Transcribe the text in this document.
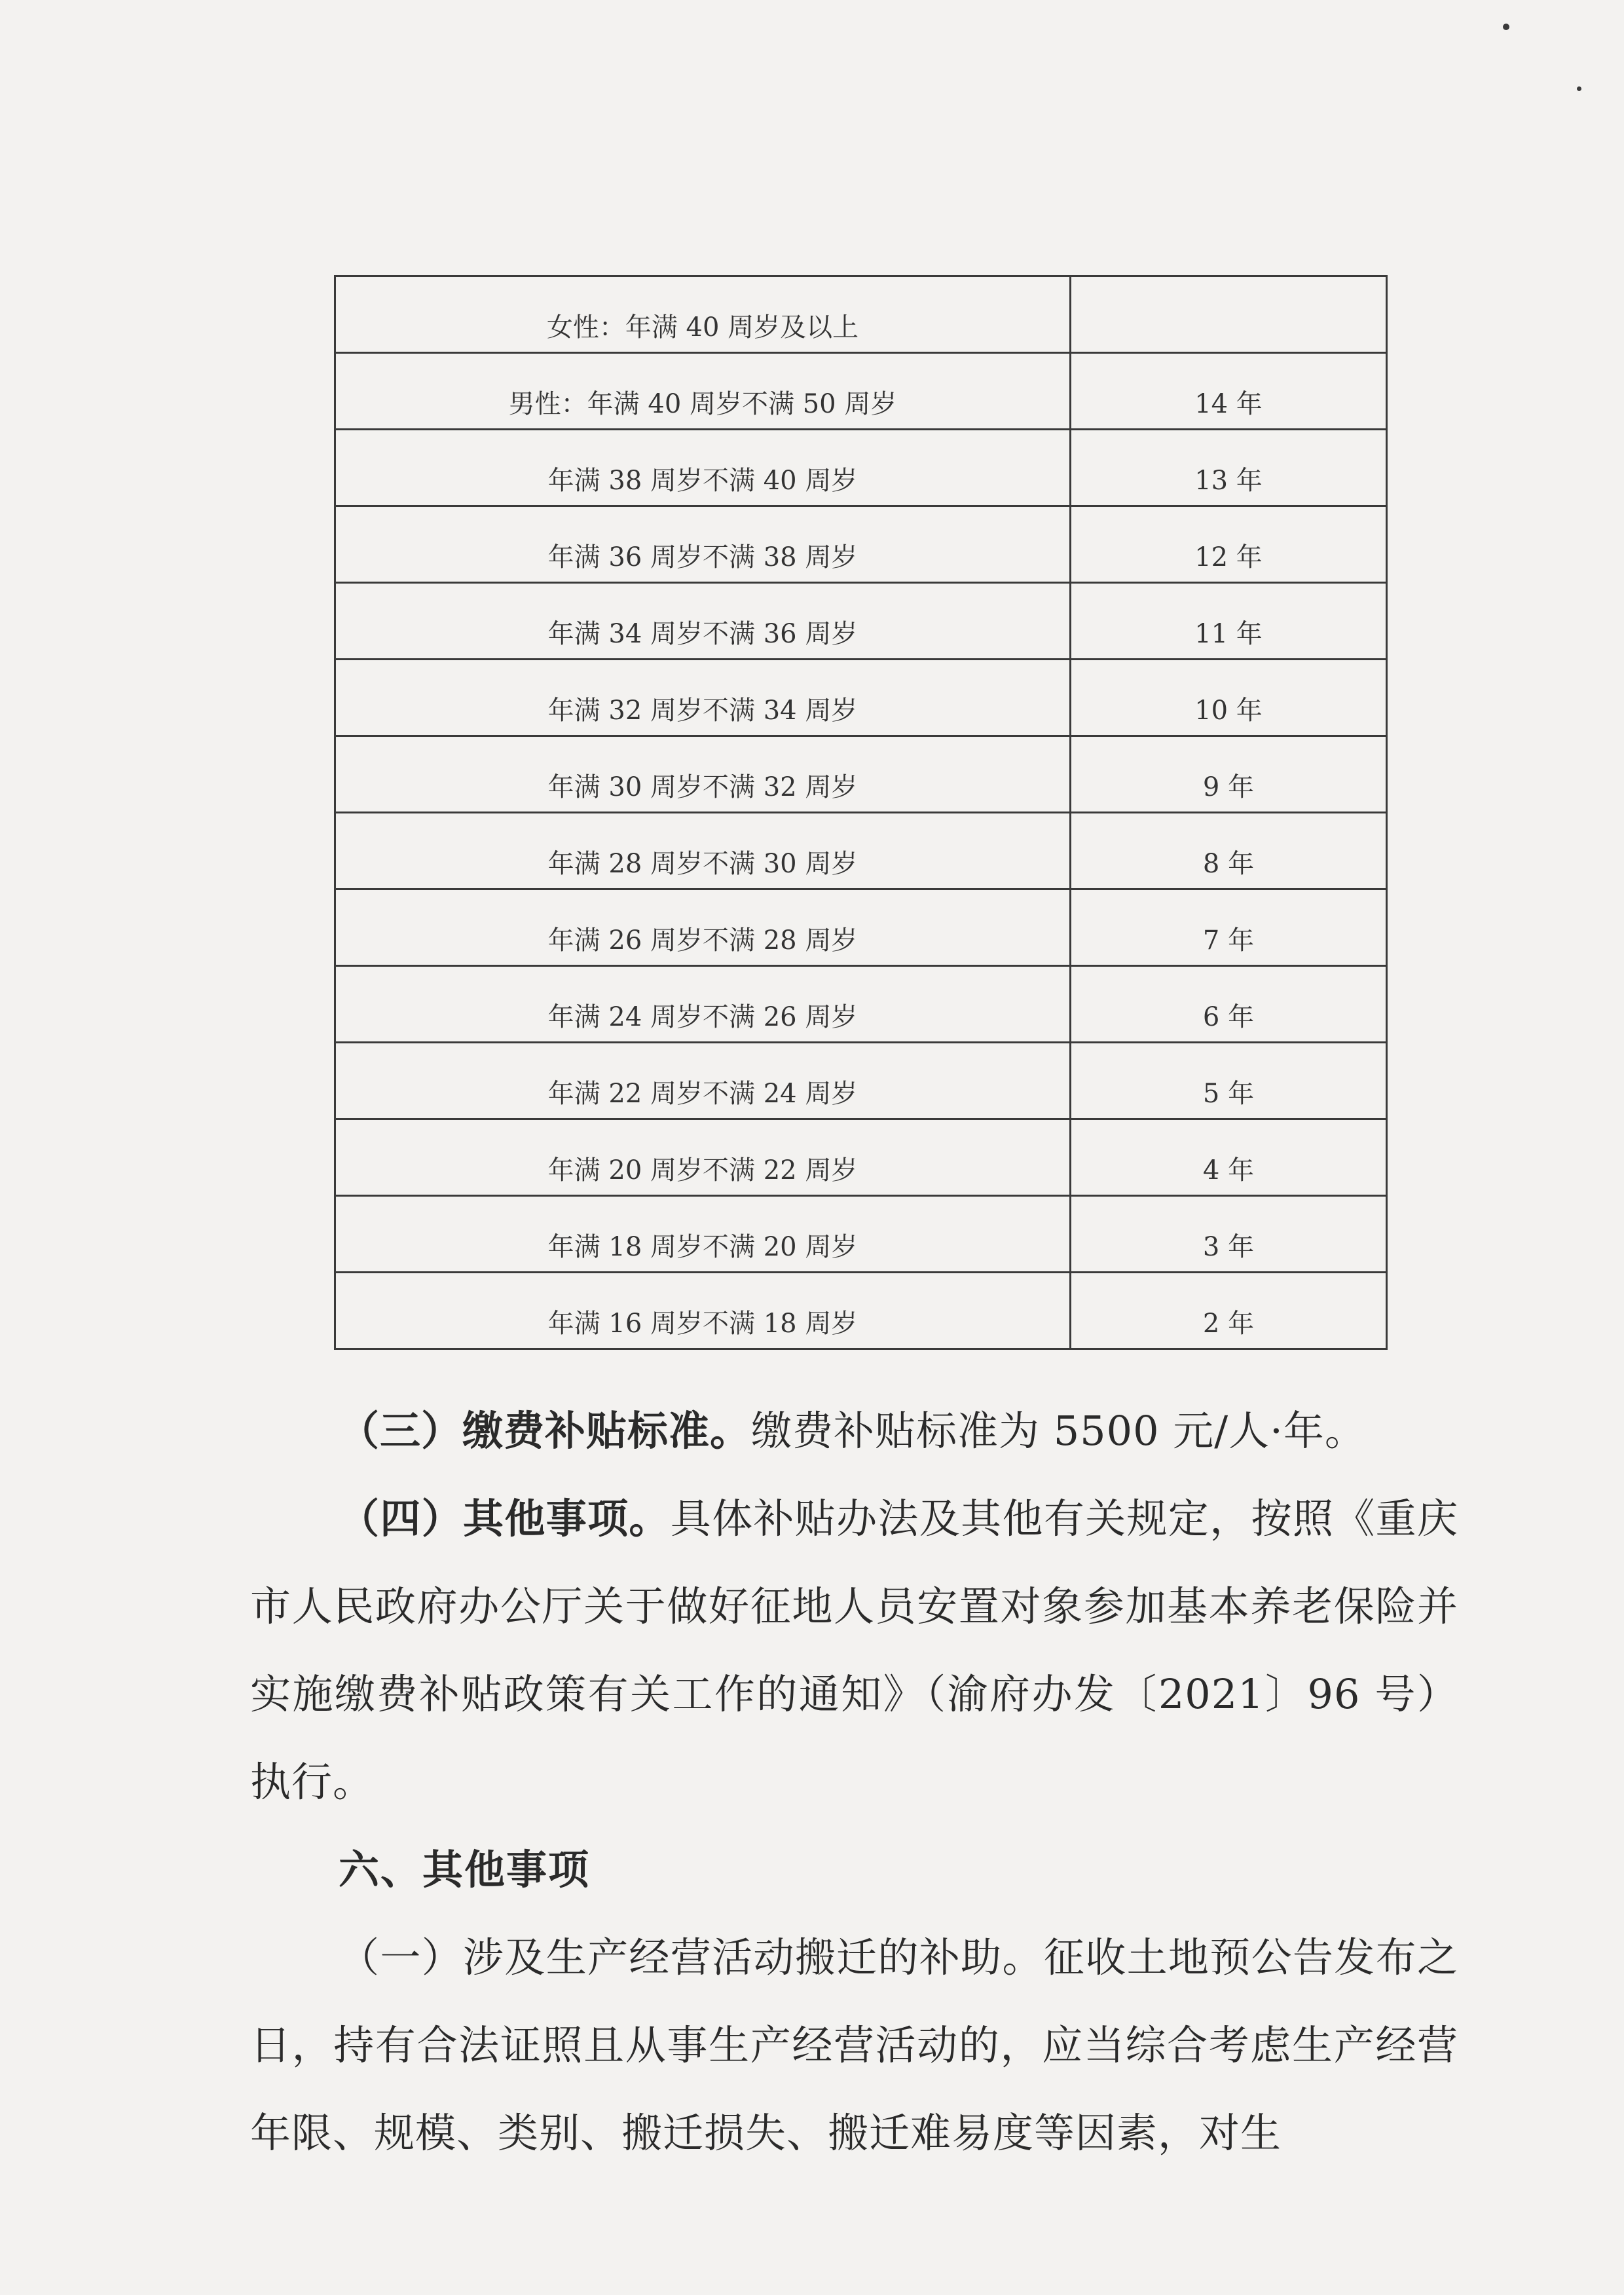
女性：年满 40 周岁及以上	
男性：年满 40 周岁不满 50 周岁	14 年
年满 38 周岁不满 40 周岁	13 年
年满 36 周岁不满 38 周岁	12 年
年满 34 周岁不满 36 周岁	11 年
年满 32 周岁不满 34 周岁	10 年
年满 30 周岁不满 32 周岁	9 年
年满 28 周岁不满 30 周岁	8 年
年满 26 周岁不满 28 周岁	7 年
年满 24 周岁不满 26 周岁	6 年
年满 22 周岁不满 24 周岁	5 年
年满 20 周岁不满 22 周岁	4 年
年满 18 周岁不满 20 周岁	3 年
年满 16 周岁不满 18 周岁	2 年

（三）缴费补贴标准。缴费补贴标准为 5500 元/人·年。

（四）其他事项。具体补贴办法及其他有关规定，按照《重庆市人民政府办公厅关于做好征地人员安置对象参加基本养老保险并实施缴费补贴政策有关工作的通知》（渝府办发〔2021〕96 号）执行。

六、其他事项

（一）涉及生产经营活动搬迁的补助。征收土地预公告发布之日，持有合法证照且从事生产经营活动的，应当综合考虑生产经营年限、规模、类别、搬迁损失、搬迁难易度等因素，对生
